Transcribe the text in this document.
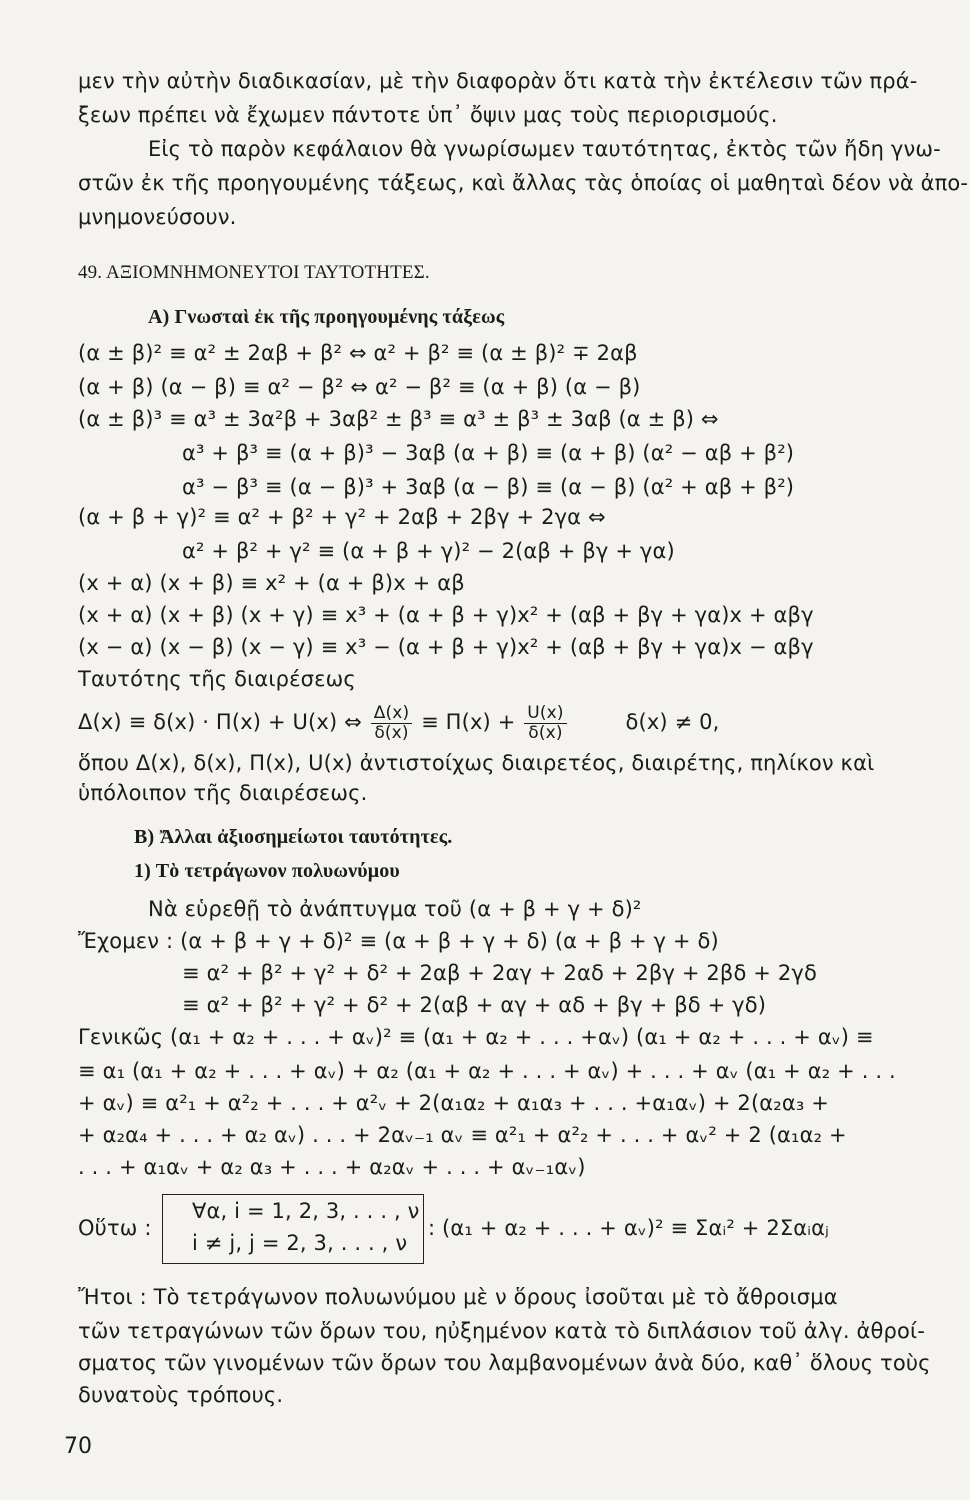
μεν τὴν αὐτὴν διαδικασίαν, μὲ τὴν διαφορὰν ὅτι κατὰ τὴν ἐκτέλεσιν τῶν πρά-
ξεων πρέπει νὰ ἔχωμεν πάντοτε ὑπ᾽ ὄψιν μας τοὺς περιορισμούς.
Εἰς τὸ παρὸν κεφάλαιον θὰ γνωρίσωμεν ταυτότητας, ἐκτὸς τῶν ἤδη γνω-
στῶν ἐκ τῆς προηγουμένης τάξεως, καὶ ἄλλας τὰς ὁποίας οἱ μαθηταὶ δέον νὰ ἀπο-
μνημονεύσουν.
49. ΑΞΙΟΜΝΗΜΟΝΕΥΤΟΙ ΤΑΥΤΟΤΗΤΕΣ.
Α) Γνωσταὶ ἐκ τῆς προηγουμένης τάξεως
(α ± β)² ≡ α² ± 2αβ + β² ⇔ α² + β² ≡ (α ± β)² ∓ 2αβ
(α + β) (α − β) ≡ α² − β² ⇔ α² − β² ≡ (α + β) (α − β)
(α ± β)³ ≡ α³ ± 3α²β + 3αβ² ± β³ ≡ α³ ± β³ ± 3αβ (α ± β) ⇔
α³ + β³ ≡ (α + β)³ − 3αβ (α + β) ≡ (α + β) (α² − αβ + β²)
α³ − β³ ≡ (α − β)³ + 3αβ (α − β) ≡ (α − β) (α² + αβ + β²)
(α + β + γ)² ≡ α² + β² + γ² + 2αβ + 2βγ + 2γα ⇔
α² + β² + γ² ≡ (α + β + γ)² − 2(αβ + βγ + γα)
(x + α) (x + β) ≡ x² + (α + β)x + αβ
(x + α) (x + β) (x + γ) ≡ x³ + (α + β + γ)x² + (αβ + βγ + γα)x + αβγ
(x − α) (x − β) (x − γ) ≡ x³ − (α + β + γ)x² + (αβ + βγ + γα)x − αβγ
Ταυτότης τῆς διαιρέσεως
Δ(x) ≡ δ(x) · Π(x) + U(x) ⇔ $\frac{\Delta(x)}{\delta(x)} \equiv \Pi(x) + \frac{U(x)}{\delta(x)}$	δ(x) ≠ 0,
ὅπου Δ(x), δ(x), Π(x), U(x) ἀντιστοίχως διαιρετέος, διαιρέτης, πηλίκον καὶ
ὑπόλοιπον τῆς διαιρέσεως.
Β) Ἄλλαι ἀξιοσημείωτοι ταυτότητες.
1) Τὸ τετράγωνον πολυωνύμου
Νὰ εὑρεθῇ τὸ ἀνάπτυγμα τοῦ (α + β + γ + δ)²
Ἔχομεν : (α + β + γ + δ)² ≡ (α + β + γ + δ) (α + β + γ + δ)
≡ α² + β² + γ² + δ² + 2αβ + 2αγ + 2αδ + 2βγ + 2βδ + 2γδ
≡ α² + β² + γ² + δ² + 2(αβ + αγ + αδ + βγ + βδ + γδ)
Γενικῶς (α₁ + α₂ + . . . + αᵥ)² ≡ (α₁ + α₂ + . . . +αᵥ) (α₁ + α₂ + . . . + αᵥ) ≡
≡ α₁ (α₁ + α₂ + . . . + αᵥ) + α₂ (α₁ + α₂ + . . . + αᵥ) + . . . + αᵥ (α₁ + α₂ + . . .
+ αᵥ) ≡ α²₁ + α²₂ + . . . + α²ᵥ + 2(α₁α₂ + α₁α₃ + . . . +α₁αᵥ) + 2(α₂α₃ +
+ α₂α₄ + . . . + α₂ αᵥ) . . . + 2αᵥ₋₁ αᵥ ≡ α²₁ + α²₂ + . . . + αᵥ² + 2 (α₁α₂ +
. . . + α₁αᵥ + α₂ α₃ + . . . + α₂αᵥ + . . . + αᵥ₋₁αᵥ)
Οὕτω :
∀α, i = 1, 2, 3, . . . , ν
i ≠ j, j = 2, 3, . . . , ν
: (α₁ + α₂ + . . . + αᵥ)² ≡ Σαᵢ² + 2Σαᵢαⱼ
Ἤτοι : Τὸ τετράγωνον πολυωνύμου μὲ ν ὅρους ἰσοῦται μὲ τὸ ἄθροισμα
τῶν τετραγώνων τῶν ὅρων του, ηὐξημένον κατὰ τὸ διπλάσιον τοῦ ἀλγ. ἀθροί-
σματος τῶν γινομένων τῶν ὅρων του λαμβανομένων ἀνὰ δύο, καθ᾽ ὅλους τοὺς
δυνατοὺς τρόπους.
70
